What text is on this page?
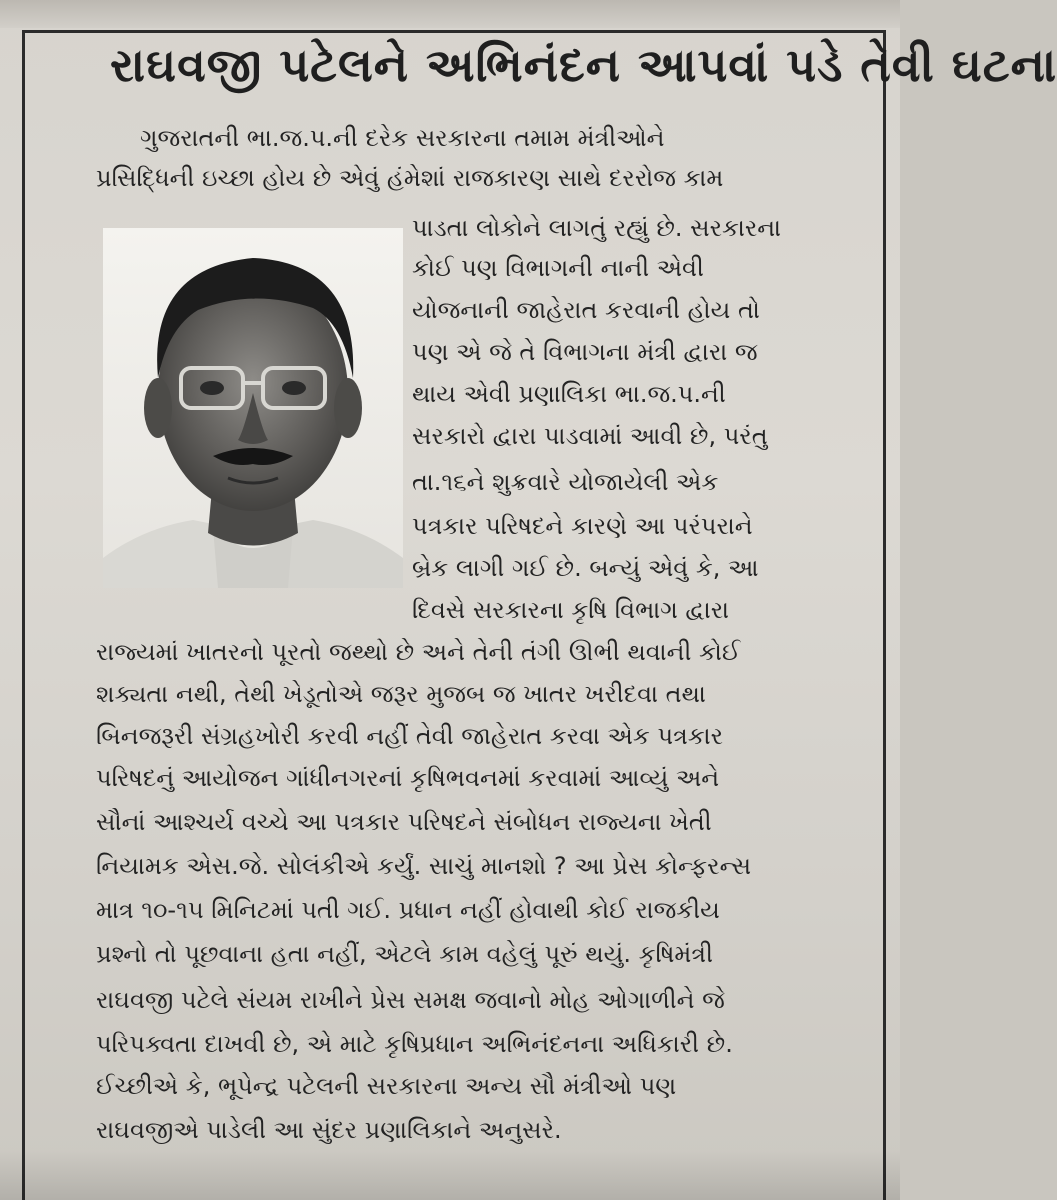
રાઘવજી પટેલને અભિનંદન આપવાં પડે તેવી ઘટના

ગુજરાતની ભા.જ.પ.ની દરેક સરકારના તમામ મંત્રીઓને

પ્રસિદ્ધિની ઇચ્છા હોય છે એવું હંમેશાં રાજકારણ સાથે દરરોજ કામ

પાડતા લોકોને લાગતું રહ્યું છે. સરકારના

કોઈ પણ વિભાગની નાની એવી

યોજનાની જાહેરાત કરવાની હોય તો

પણ એ જે તે વિભાગના મંત્રી દ્વારા જ

થાય એવી પ્રણાલિકા ભા.જ.પ.ની

સરકારો દ્વારા પાડવામાં આવી છે, પરંતુ

તા.૧૬ને શુક્રવારે યોજાયેલી એક

પત્રકાર પરિષદને કારણે આ પરંપરાને

બ્રેક લાગી ગઈ છે. બન્યું એવું કે, આ

દિવસે સરકારના કૃષિ વિભાગ દ્વારા

રાજ્યમાં ખાતરનો પૂરતો જથ્થો છે અને તેની તંગી ઊભી થવાની કોઈ

શક્યતા નથી, તેથી ખેડૂતોએ જરૂર મુજબ જ ખાતર ખરીદવા તથા

બિનજરૂરી સંગ્રહખોરી કરવી નહીં તેવી જાહેરાત કરવા એક પત્રકાર

પરિષદનું આયોજન ગાંધીનગરનાં કૃષિભવનમાં કરવામાં આવ્યું અને

સૌનાં આશ્ચર્ય વચ્ચે આ પત્રકાર પરિષદને સંબોધન રાજ્યના ખેતી

નિયામક એસ.જે. સોલંકીએ કર્યું. સાચું માનશો ? આ પ્રેસ કોન્ફરન્સ

માત્ર ૧૦-૧૫ મિનિટમાં પતી ગઈ. પ્રધાન નહીં હોવાથી કોઈ રાજકીય

પ્રશ્નો તો પૂછવાના હતા નહીં, એટલે કામ વહેલું પૂરું થયું. કૃષિમંત્રી

રાઘવજી પટેલે સંયમ રાખીને પ્રેસ સમક્ષ જવાનો મોહ ઓગાળીને જે

પરિપક્વતા દાખવી છે, એ માટે કૃષિપ્રધાન અભિનંદનના અધિકારી છે.

ઈચ્છીએ કે, ભૂપેન્દ્ર પટેલની સરકારના અન્ય સૌ મંત્રીઓ પણ

રાઘવજીએ પાડેલી આ સુંદર પ્રણાલિકાને અનુસરે.
